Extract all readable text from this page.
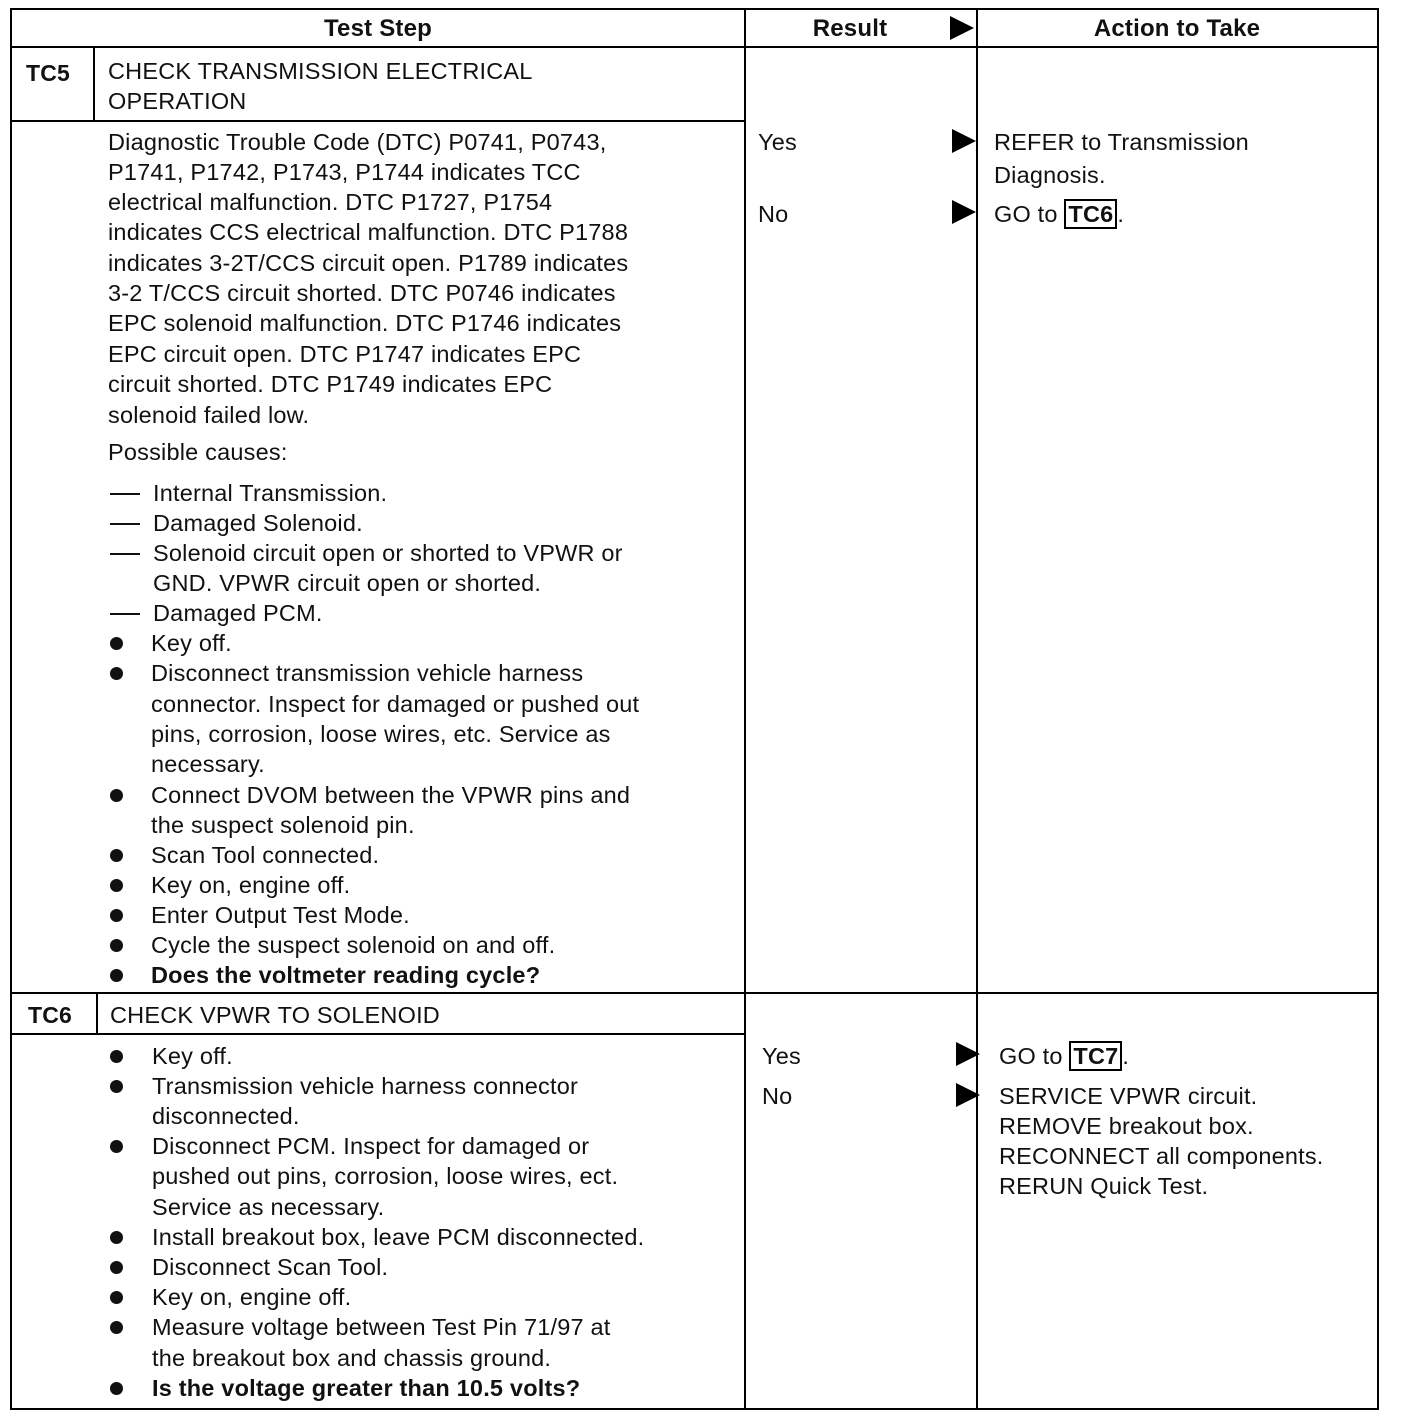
Test Step	Result	Action to Take
TC5 CHECK TRANSMISSION ELECTRICAL
OPERATION
Diagnostic Trouble Code (DTC) P0741, P0743,
P1741, P1742, P1743, P1744 indicates TCC
electrical malfunction. DTC P1727, P1754
indicates CCS electrical malfunction. DTC P1788
indicates 3-2T/CCS circuit open. P1789 indicates
3-2 T/CCS circuit shorted. DTC P0746 indicates
EPC solenoid malfunction. DTC P1746 indicates
EPC circuit open. DTC P1747 indicates EPC
circuit shorted. DTC P1749 indicates EPC
solenoid failed low.
Possible causes:
Internal Transmission.
Damaged Solenoid.
Solenoid circuit open or shorted to VPWR or
GND. VPWR circuit open or shorted.
Damaged PCM.
Key off.
Disconnect transmission vehicle harness
connector. Inspect for damaged or pushed out
pins, corrosion, loose wires, etc. Service as
necessary.
Connect DVOM between the VPWR pins and
the suspect solenoid pin.
Scan Tool connected.
Key on, engine off.
Enter Output Test Mode.
Cycle the suspect solenoid on and off.
Does the voltmeter reading cycle?
Yes	REFER to Transmission
Diagnosis.
No	GO to TC6 .
TC6 CHECK VPWR TO SOLENOID
Key off.
Transmission vehicle harness connector
disconnected.
Disconnect PCM. Inspect for damaged or
pushed out pins, corrosion, loose wires, ect.
Service as necessary.
Install breakout box, leave PCM disconnected.
Disconnect Scan Tool.
Key on, engine off.
Measure voltage between Test Pin 71/97 at
the breakout box and chassis ground.
Is the voltage greater than 10.5 volts?
Yes	GO to TC7 .
No	SERVICE VPWR circuit.
REMOVE breakout box.
RECONNECT all components.
RERUN Quick Test.
